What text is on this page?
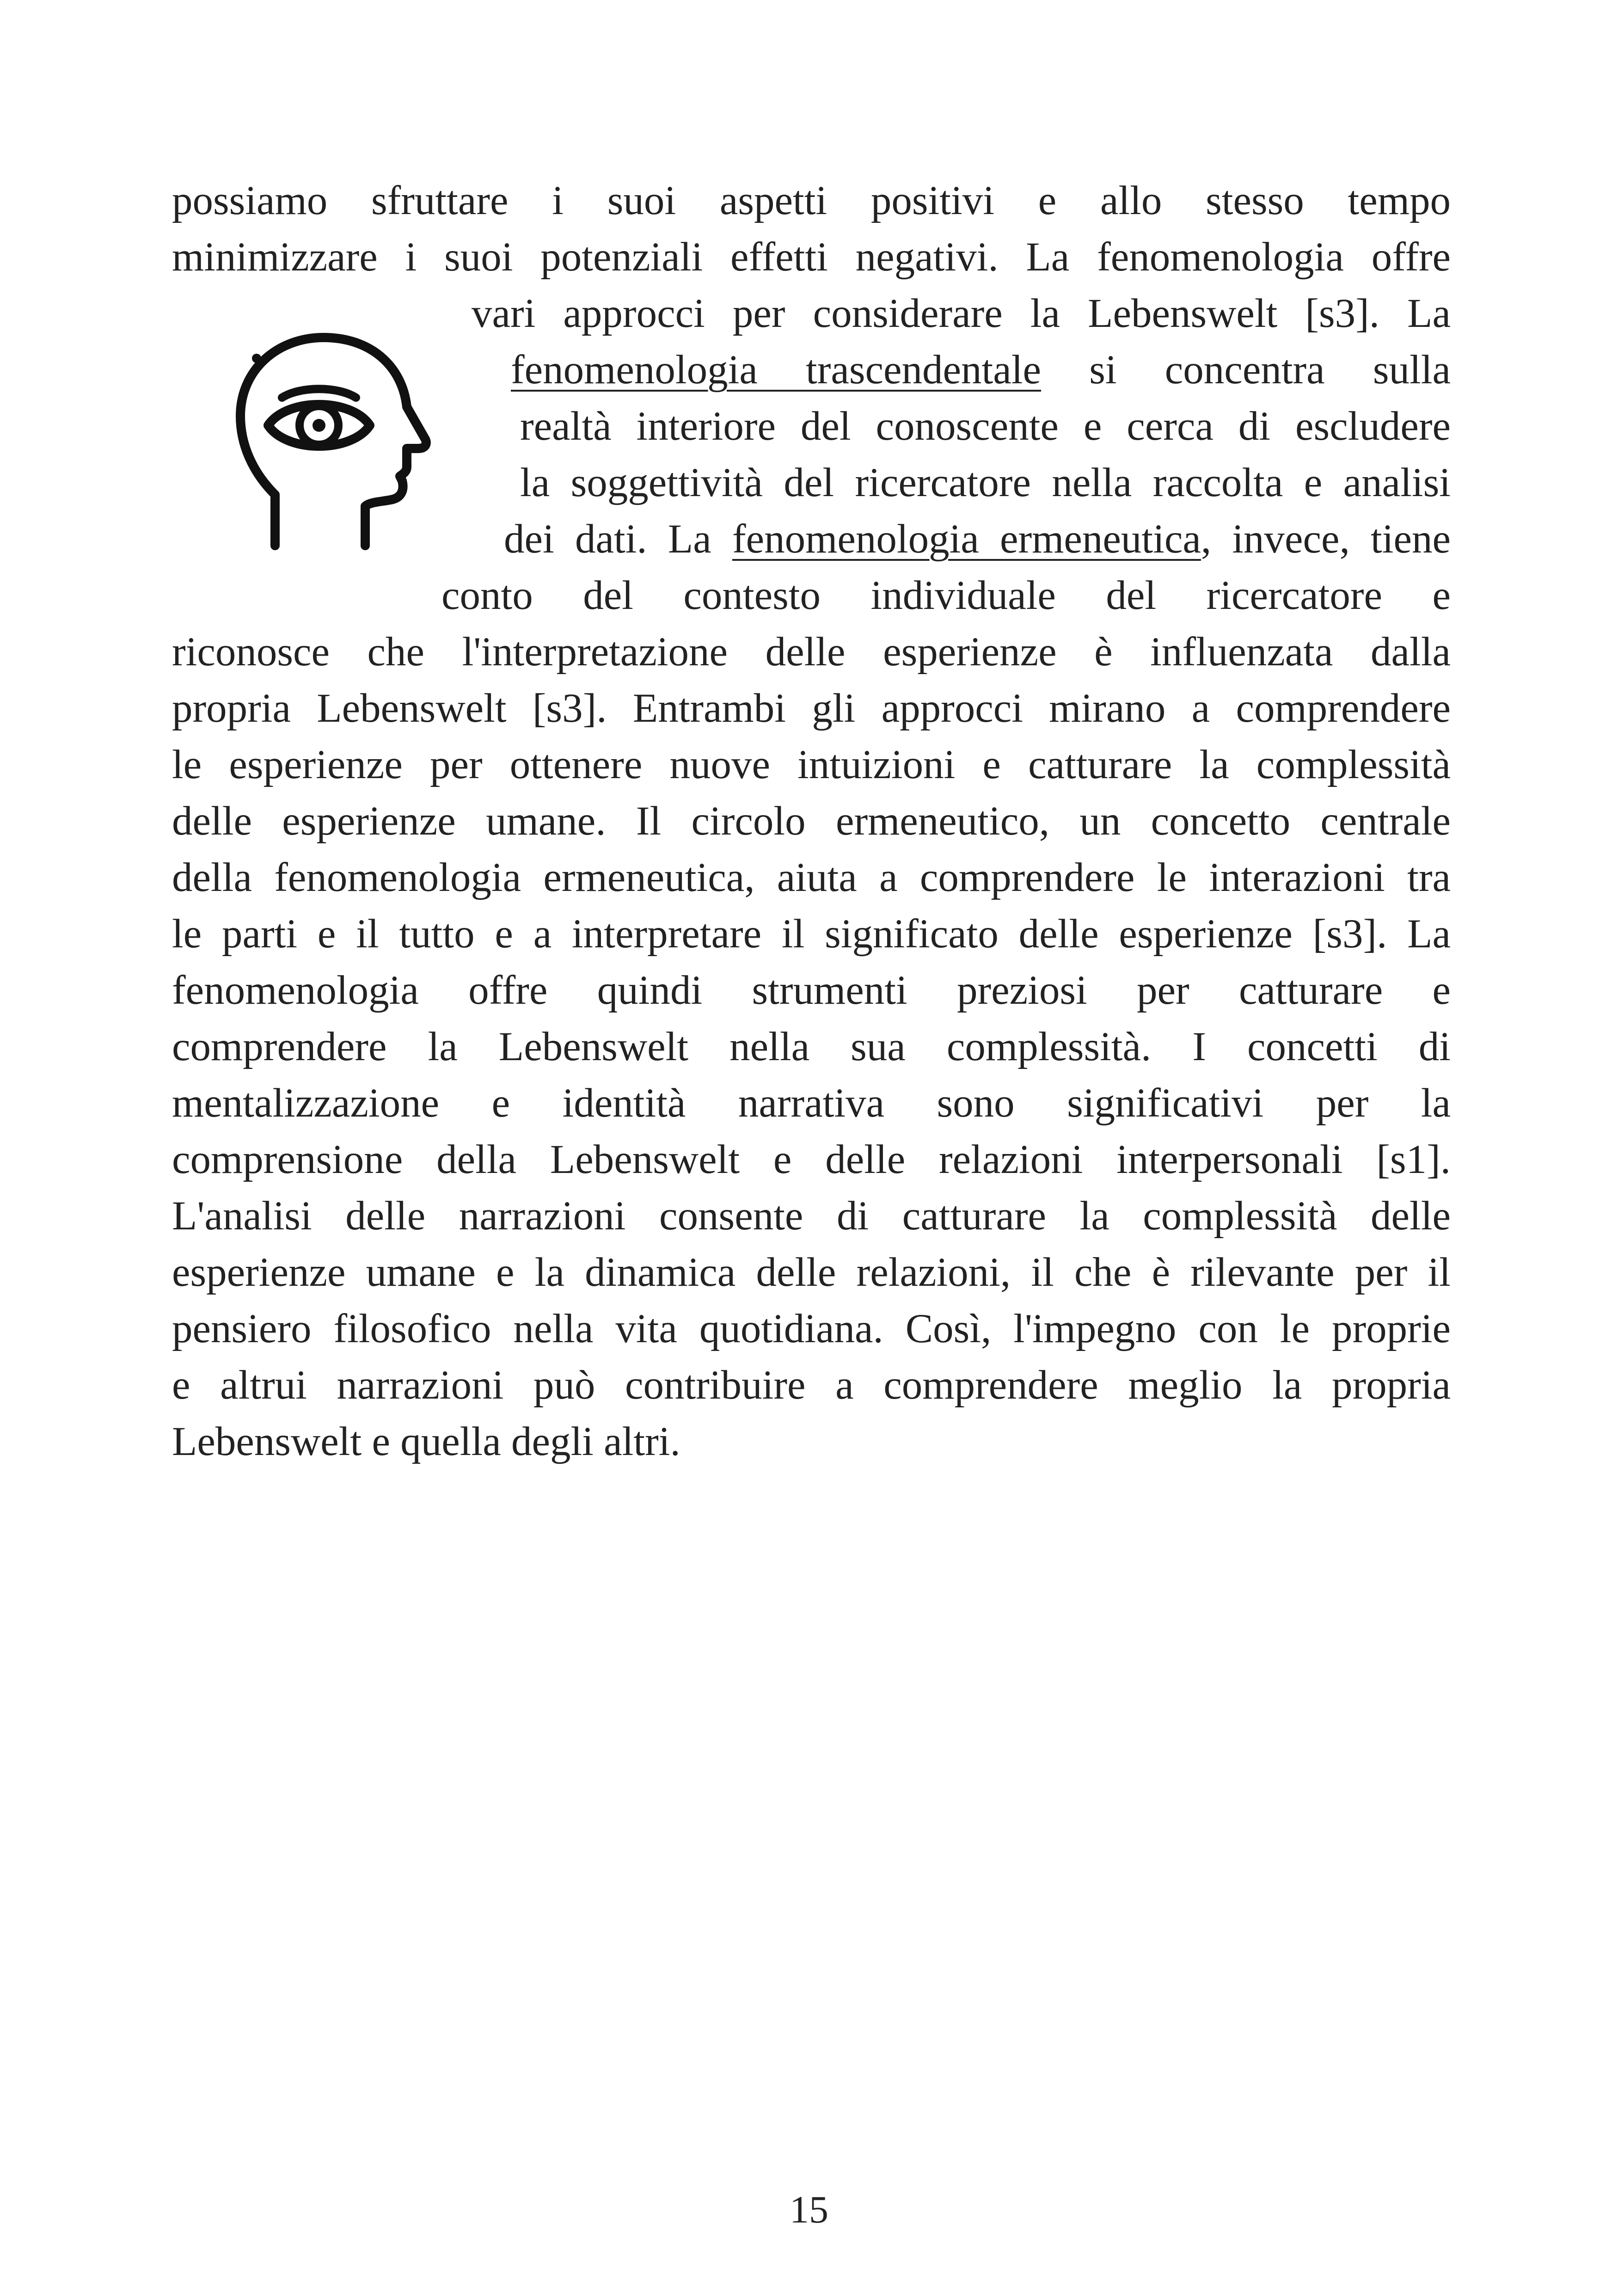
possiamo sfruttare i suoi aspetti positivi e allo stesso tempo
minimizzare i suoi potenziali effetti negativi. La fenomenologia offre
vari approcci per considerare la Lebenswelt [s3]. La
fenomenologia trascendentale si concentra sulla
realtà interiore del conoscente e cerca di escludere
la soggettività del ricercatore nella raccolta e analisi
dei dati. La fenomenologia ermeneutica, invece, tiene
conto del contesto individuale del ricercatore e
riconosce che l'interpretazione delle esperienze è influenzata dalla
propria Lebenswelt [s3]. Entrambi gli approcci mirano a comprendere
le esperienze per ottenere nuove intuizioni e catturare la complessità
delle esperienze umane. Il circolo ermeneutico, un concetto centrale
della fenomenologia ermeneutica, aiuta a comprendere le interazioni tra
le parti e il tutto e a interpretare il significato delle esperienze [s3]. La
fenomenologia offre quindi strumenti preziosi per catturare e
comprendere la Lebenswelt nella sua complessità. I concetti di
mentalizzazione e identità narrativa sono significativi per la
comprensione della Lebenswelt e delle relazioni interpersonali [s1].
L'analisi delle narrazioni consente di catturare la complessità delle
esperienze umane e la dinamica delle relazioni, il che è rilevante per il
pensiero filosofico nella vita quotidiana. Così, l'impegno con le proprie
e altrui narrazioni può contribuire a comprendere meglio la propria
Lebenswelt e quella degli altri.
15
